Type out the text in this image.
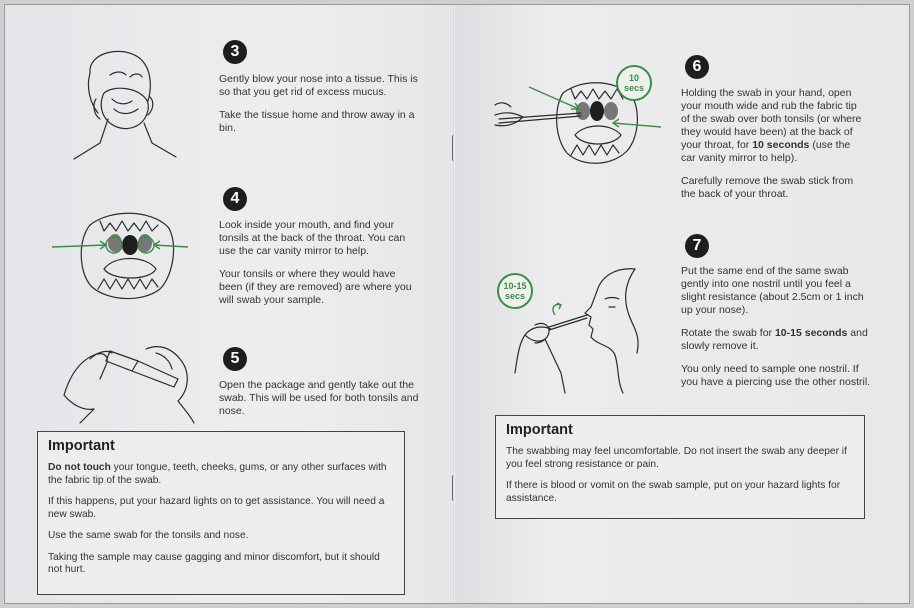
3

Gently blow your nose into a tissue. This is so that you get rid of excess mucus.

Take the tissue home and throw away in a bin.

4

Look inside your mouth, and find your tonsils at the back of the throat. You can use the car vanity mirror to help.

Your tonsils or where they would have been (if they are removed) are where you will swab your sample.

5

Open the package and gently take out the swab. This will be used for both tonsils and nose.

Important

Do not touch your tongue, teeth, cheeks, gums, or any other surfaces with the fabric tip of the swab.

If this happens, put your hazard lights on to get assistance. You will need a new swab.

Use the same swab for the tonsils and nose.

Taking the sample may cause gagging and minor discomfort, but it should not hurt.

10
secs
6

Holding the swab in your hand, open your mouth wide and rub the fabric tip of the swab over both tonsils (or where they would have been) at the back of your throat, for 10 seconds (use the car vanity mirror to help).

Carefully remove the swab stick from the back of your throat.

10-15
secs
7

Put the same end of the same swab gently into one nostril until you feel a slight resistance (about 2.5cm or 1 inch up your nose).

Rotate the swab for 10-15 seconds and slowly remove it.

You only need to sample one nostril. If you have a piercing use the other nostril.

Important

The swabbing may feel uncomfortable. Do not insert the swab any deeper if you feel strong resistance or pain.

If there is blood or vomit on the swab sample, put on your hazard lights for assistance.
